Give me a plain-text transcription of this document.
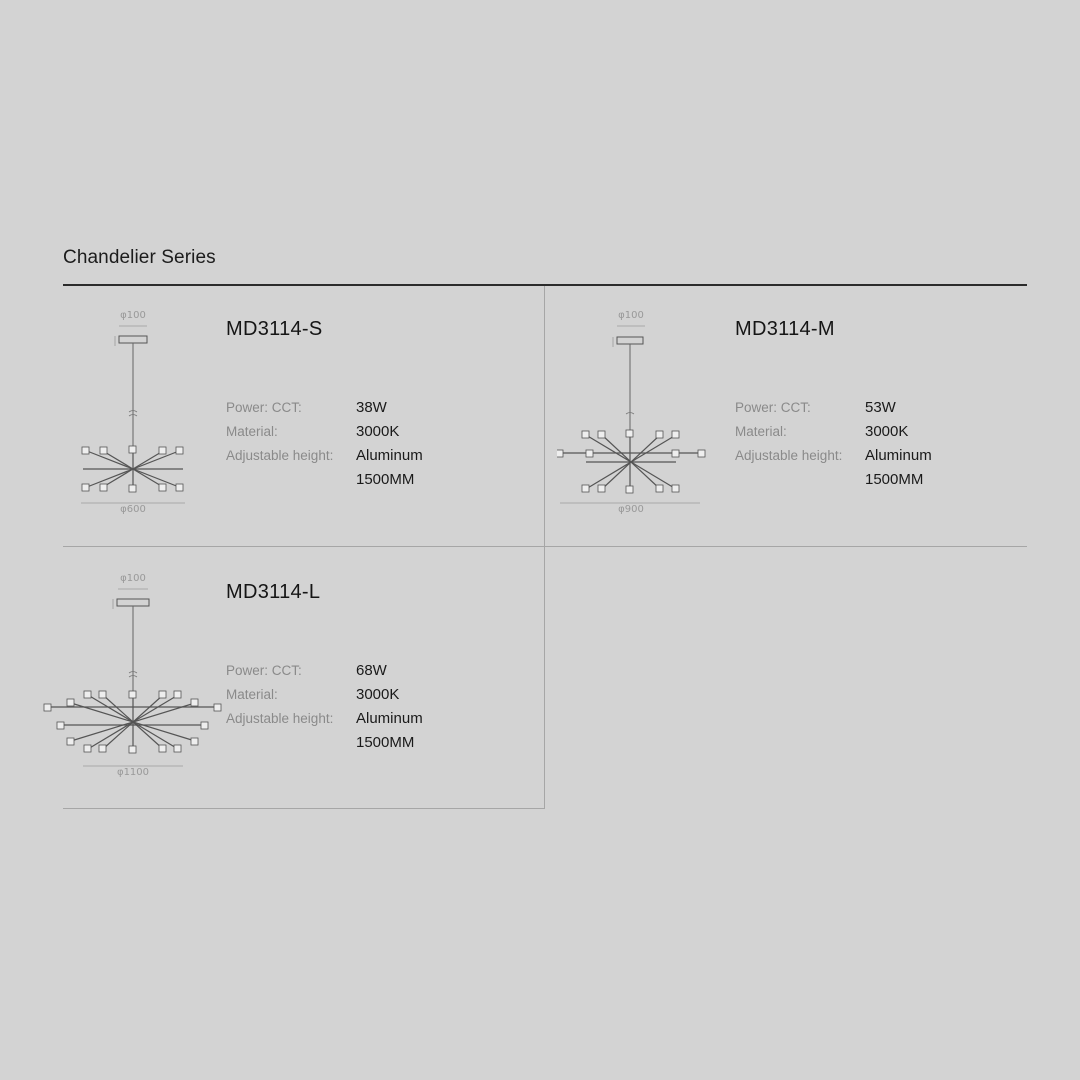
Chandelier Series
φ100
φ600
MD3114-S
Power: CCT:
Material:
Adjustable height:
38W
3000K
Aluminum
1500MM
φ100
φ900
MD3114-M
Power: CCT:
Material:
Adjustable height:
53W
3000K
Aluminum
1500MM
φ100
φ1100
MD3114-L
Power: CCT:
Material:
Adjustable height:
68W
3000K
Aluminum
1500MM
